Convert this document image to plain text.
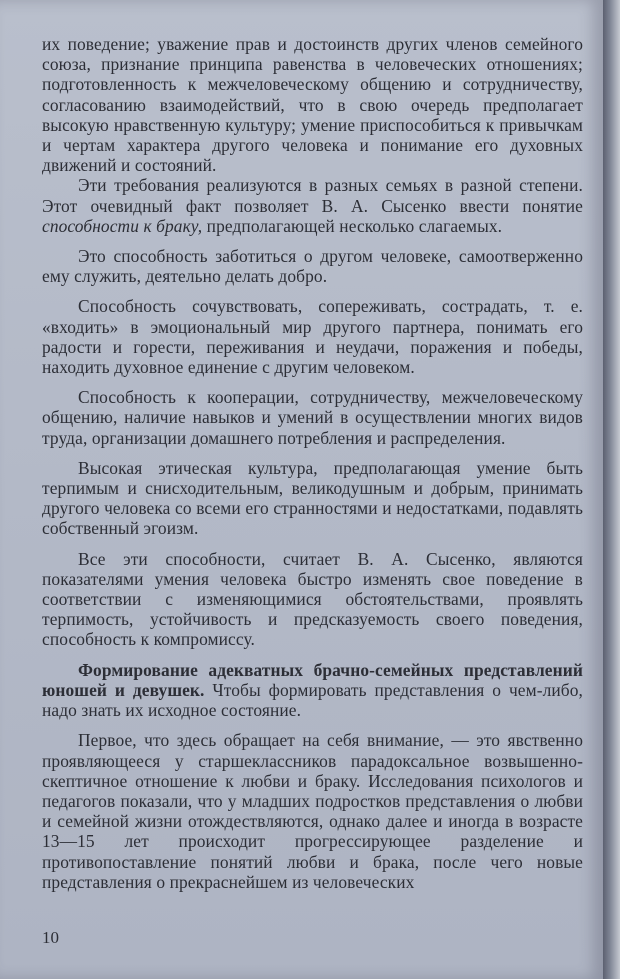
их поведение; уважение прав и достоинств других членов семейного союза, признание принципа равенства в человеческих отношениях; подготовленность к межчеловеческому общению и сотрудничеству, согласованию взаимодействий, что в свою очередь предполагает высокую нравственную культуру; умение приспособиться к привычкам и чертам характера другого человека и понимание его духовных движений и состояний.

Эти требования реализуются в разных семьях в разной степени. Этот очевидный факт позволяет В. А. Сысенко ввести понятие способности к браку, предполагающей несколько слагаемых.

Это способность заботиться о другом человеке, самоотверженно ему служить, деятельно делать добро.

Способность сочувствовать, сопереживать, сострадать, т. е. «входить» в эмоциональный мир другого партнера, понимать его радости и горести, переживания и неудачи, поражения и победы, находить духовное единение с другим человеком.

Способность к кооперации, сотрудничеству, межчеловеческому общению, наличие навыков и умений в осуществлении многих видов труда, организации домашнего потребления и распределения.

Высокая этическая культура, предполагающая умение быть терпимым и снисходительным, великодушным и добрым, принимать другого человека со всеми его странностями и недостатками, подавлять собственный эгоизм.

Все эти способности, считает В. А. Сысенко, являются показателями умения человека быстро изменять свое поведение в соответствии с изменяющимися обстоятельствами, проявлять терпимость, устойчивость и предсказуемость своего поведения, способность к компромиссу.

Формирование адекватных брачно-семейных представлений юношей и девушек. Чтобы формировать представления о чем-либо, надо знать их исходное состояние.

Первое, что здесь обращает на себя внимание, — это явственно проявляющееся у старшеклассников парадоксальное возвышенно-скептичное отношение к любви и браку. Исследования психологов и педагогов показали, что у младших подростков представления о любви и семейной жизни отождествляются, однако далее и иногда в возрасте 13—15 лет происходит прогрессирующее разделение и противопоставление понятий любви и брака, после чего новые представления о прекраснейшем из человеческих

10
